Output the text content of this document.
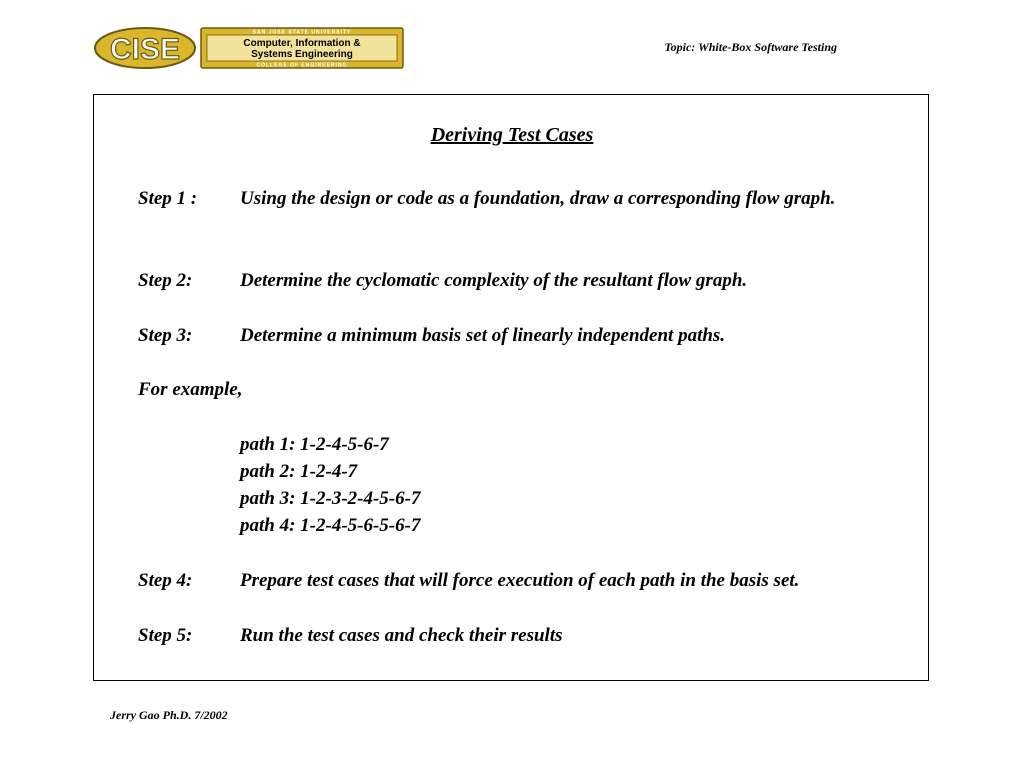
CISE
SAN JOSE STATE UNIVERSITY
Computer, Information &
Systems Engineering
COLLEGE OF ENGINEERING
Topic: White-Box Software Testing
Deriving Test Cases
Step 1 : Using the design or code as a foundation, draw a corresponding flow graph.
Step 2:	Determine the cyclomatic complexity of the resultant flow graph.
Step 3:	Determine a minimum basis set of linearly independent paths.
For example,
path 1: 1-2-4-5-6-7
path 2: 1-2-4-7
path 3: 1-2-3-2-4-5-6-7
path 4: 1-2-4-5-6-5-6-7
Step 4:	Prepare test cases that will force execution of each path in the basis set.
Step 5:	Run the test cases and check their results
Jerry Gao Ph.D. 7/2002
